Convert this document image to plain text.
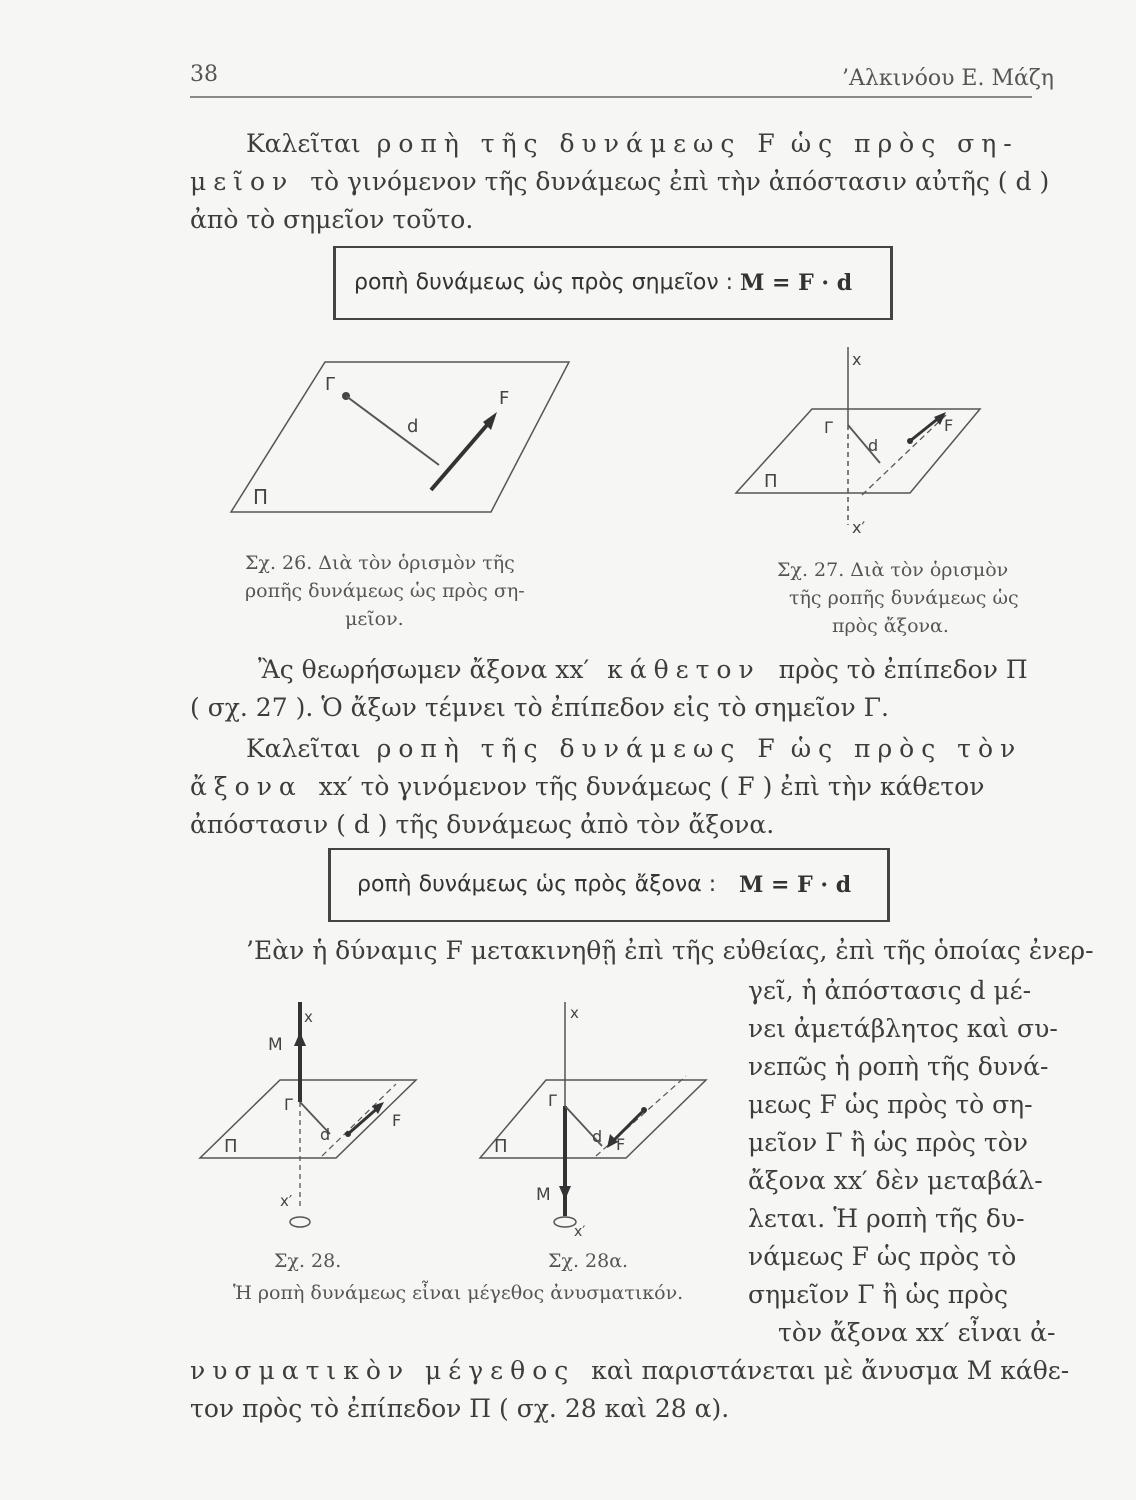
38	’Αλκινόου Ε. Μάζη
Καλεῖται ροπὴ τῆς δυνάμεως F ὡς πρὸς ση-
μεῖον τὸ γινόμενον τῆς δυνάμεως ἐπὶ τὴν ἀπόστασιν αὐτῆς ( d )
ἀπὸ τὸ σημεῖον τοῦτο.
ροπὴ δυνάμεως ὡς πρὸς σημεῖον : M = F · d
Γ
d
F
Π
Σχ. 26. Διὰ τὸν ὁρισμὸν τῆς
ροπῆς δυνάμεως ὡς πρὸς ση-
μεῖον.
x
Γ
d
F
Π
x′
Σχ. 27. Διὰ τὸν ὁρισμὸν
τῆς ροπῆς δυνάμεως ὡς
πρὸς ἄξονα.
Ἂς θεωρήσωμεν ἄξονα xx′ κάθετον πρὸς τὸ ἐπίπεδον Π
( σχ. 27 ). Ὁ ἄξων τέμνει τὸ ἐπίπεδον εἰς τὸ σημεῖον Γ.
Καλεῖται ροπὴ τῆς δυνάμεως F ὡς πρὸς τὸν
ἄξονα xx′ τὸ γινόμενον τῆς δυνάμεως ( F ) ἐπὶ τὴν κάθετον
ἀπόστασιν ( d ) τῆς δυνάμεως ἀπὸ τὸν ἄξονα.
ροπὴ δυνάμεως ὡς πρὸς ἄξονα : M = F · d
’Εὰν ἡ δύναμις F μετακινηθῇ ἐπὶ τῆς εὐθείας, ἐπὶ τῆς ὁποίας ἐνερ-
γεῖ, ἡ ἀπόστασις d μέ-
νει ἀμετάβλητος καὶ συ-
νεπῶς ἡ ροπὴ τῆς δυνά-
μεως F ὡς πρὸς τὸ ση-
μεῖον Γ ἢ ὡς πρὸς τὸν
ἄξονα xx′ δὲν μεταβάλ-
λεται. Ἡ ροπὴ τῆς δυ-
νάμεως F ὡς πρὸς τὸ
σημεῖον Γ ἢ ὡς πρὸς
τὸν ἄξονα xx′ εἶναι ἀ-
νυσματικὸν μέγεθος καὶ παριστάνεται μὲ ἄνυσμα M κάθε-
τον πρὸς τὸ ἐπίπεδον Π ( σχ. 28 καὶ 28 α).
x
M
Γ
d
F
Π
x′
Σχ. 28.
x
Γ
d F
Π
M
x′
Σχ. 28α.
Ἡ ροπὴ δυνάμεως εἶναι μέγεθος ἀνυσματικόν.
